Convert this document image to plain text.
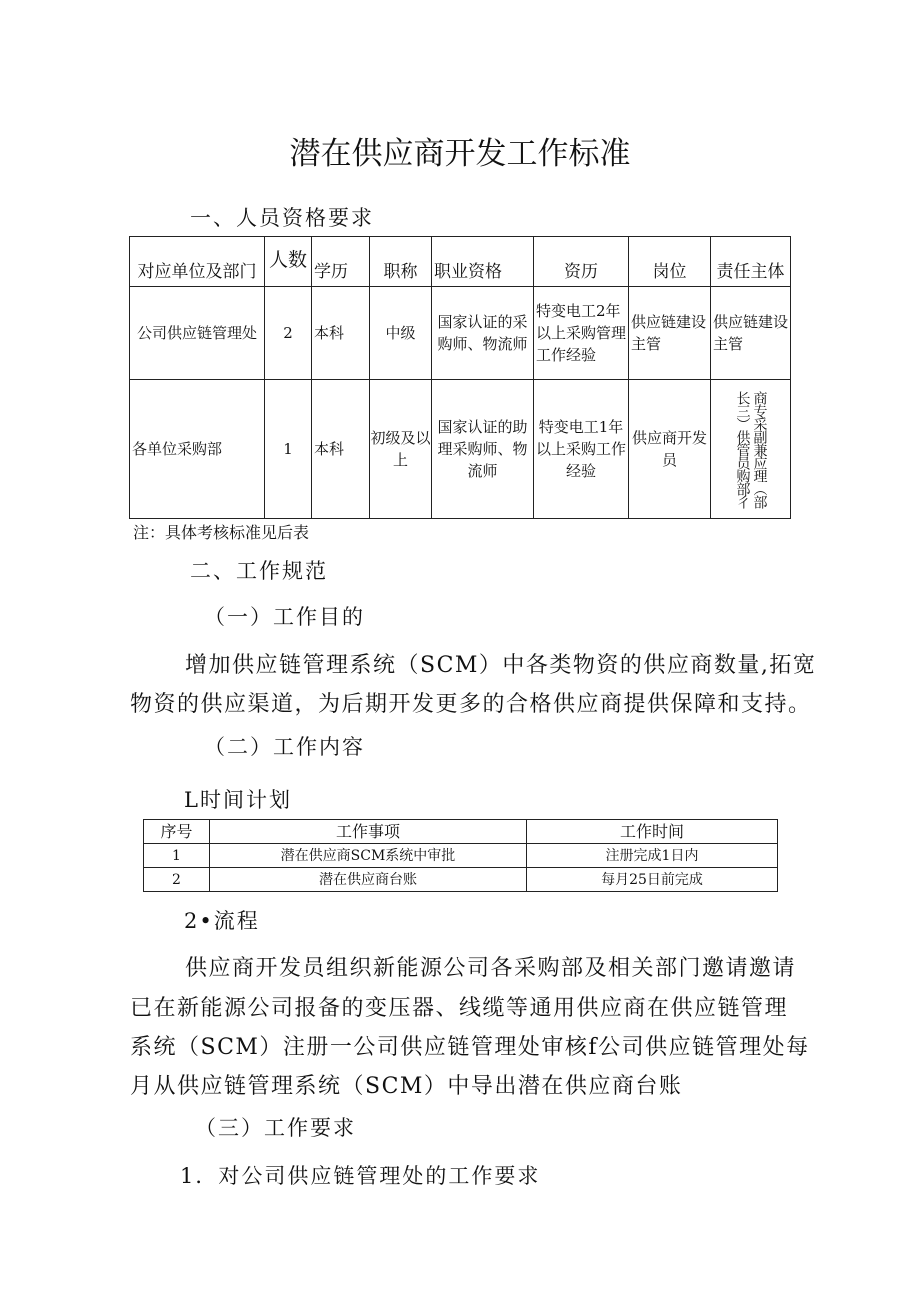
潜在供应商开发工作标准
一、人员资格要求
对应单位及部门	人数	学历	职称	职业资格	资历	岗位	责任主体
公司供应链管理处	2	本科	中级	国家认证的采购师、物流师	特变电工2年以上采购管理工作经验	供应链建设主管	供应链建设主管
各单位采购部	1	本科	初级及以上	国家认证的助理采购师、物流师	特变电工1年以上采购工作经验	供应商开发员	商专采副兼应理（部长三）供管员购部彳
注：具体考核标准见后表
二、工作规范
（一）工作目的
增加供应链管理系统（SCM）中各类物资的供应商数量,拓宽
物资的供应渠道，为后期开发更多的合格供应商提供保障和支持。
（二）工作内容
L时间计划
序号	工作事项	工作时间
1	潜在供应商SCM系统中审批	注册完成1日内
2	潜在供应商台账	每月25日前完成
2•流程
供应商开发员组织新能源公司各采购部及相关部门邀请邀请
已在新能源公司报备的变压器、线缆等通用供应商在供应链管理
系统（SCM）注册一公司供应链管理处审核f公司供应链管理处每
月从供应链管理系统（SCM）中导出潜在供应商台账
（三）工作要求
1．对公司供应链管理处的工作要求
